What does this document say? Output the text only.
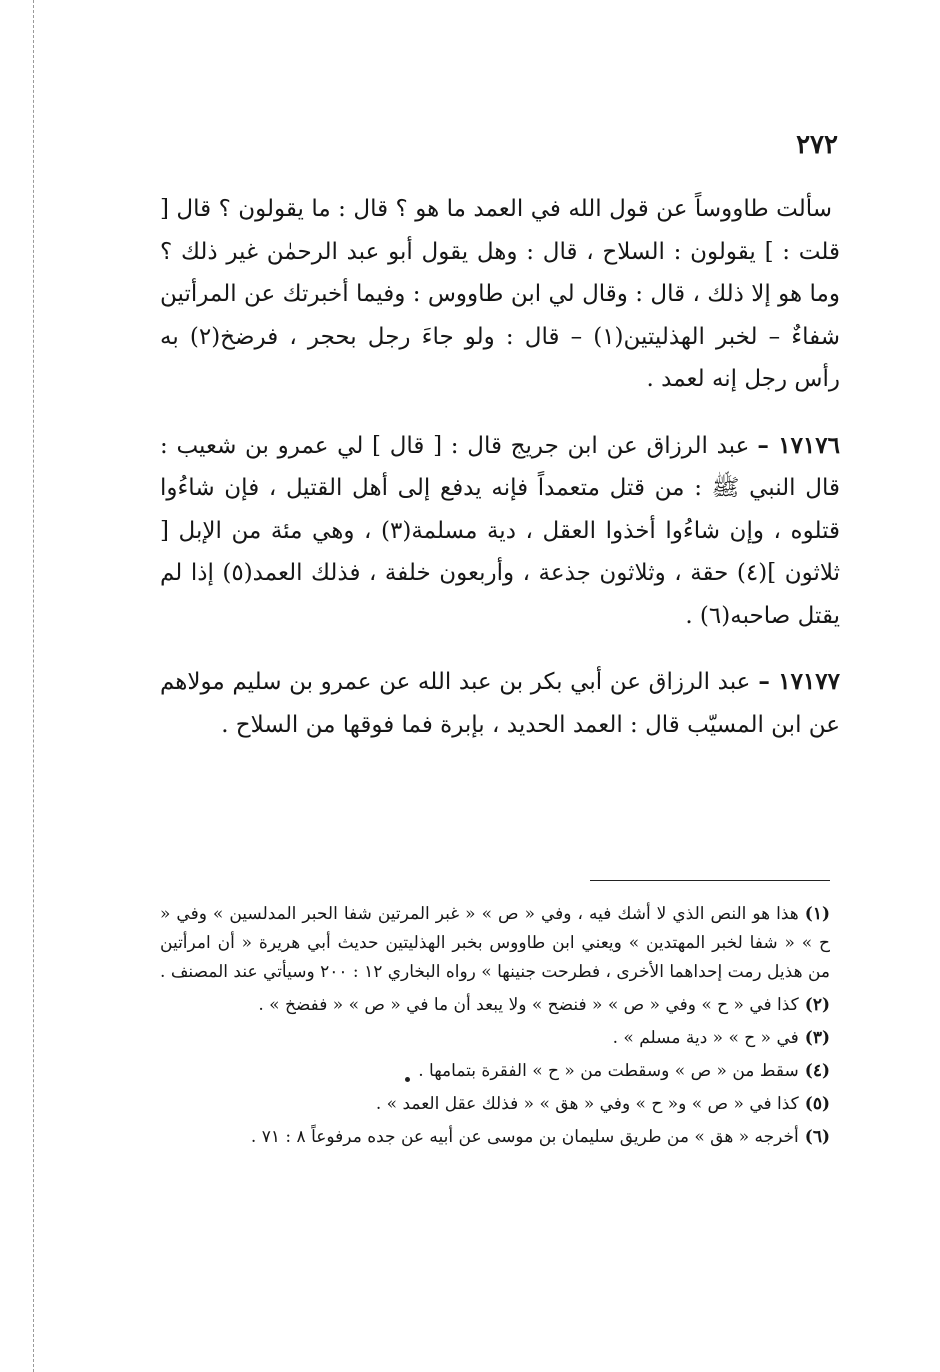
٢٧٢

سألت طاووساً عن قول الله في العمد ما هو ؟ قال : ما يقولون ؟ قال [ قلت : ] يقولون : السلاح ، قال : وهل يقول أبو عبد الرحمٰن غير ذلك ؟ وما هو إلا ذلك ، قال : وقال لي ابن طاووس : وفيما أخبرتك عن المرأتين شفاءٌ – لخبر الهذليتين(١) – قال : ولو جاءَ رجل بحجر ، فرضخ(٢) به رأس رجل إنه لعمد .

١٧١٧٦ –عبد الرزاق عن ابن جريج قال : [ قال ] لي عمرو بن شعيب : قال النبي ﷺ : من قتل متعمداً فإنه يدفع إلى أهل القتيل ، فإن شاءُوا قتلوه ، وإن شاءُوا أخذوا العقل ، دية مسلمة(٣) ، وهي مئة من الإبل [ ثلاثون ](٤) حقة ، وثلاثون جذعة ، وأربعون خلفة ، فذلك العمد(٥) إذا لم يقتل صاحبه(٦) .

١٧١٧٧ –عبد الرزاق عن أبي بكر بن عبد الله عن عمرو بن سليم مولاهم عن ابن المسيّب قال : العمد الحديد ، بإبرة فما فوقها من السلاح .

(١)هذا هو النص الذي لا أشك فيه ، وفي « ص » « غبر المرتين شفا الحبر المدلسين » وفي « ح » « شفا لخبر المهتدين » ويعني ابن طاووس بخبر الهذليتين حديث أبي هريرة « أن امرأتين من هذيل رمت إحداهما الأخرى ، فطرحت جنينها » رواه البخاري ١٢ : ٢٠٠ وسيأتي عند المصنف .

(٢)كذا في « ح » وفي « ص » « فنضح » ولا يبعد أن ما في « ص » « ففضخ » .

(٣)في « ح » « دية مسلم » .

(٤)سقط من « ص » وسقطت من « ح » الفقرة بتمامها .

(٥)كذا في « ص » و« ح » وفي « هق » « فذلك عقل العمد » .

(٦)أخرجه « هق » من طريق سليمان بن موسى عن أبيه عن جده مرفوعاً ٨ : ٧١ .
